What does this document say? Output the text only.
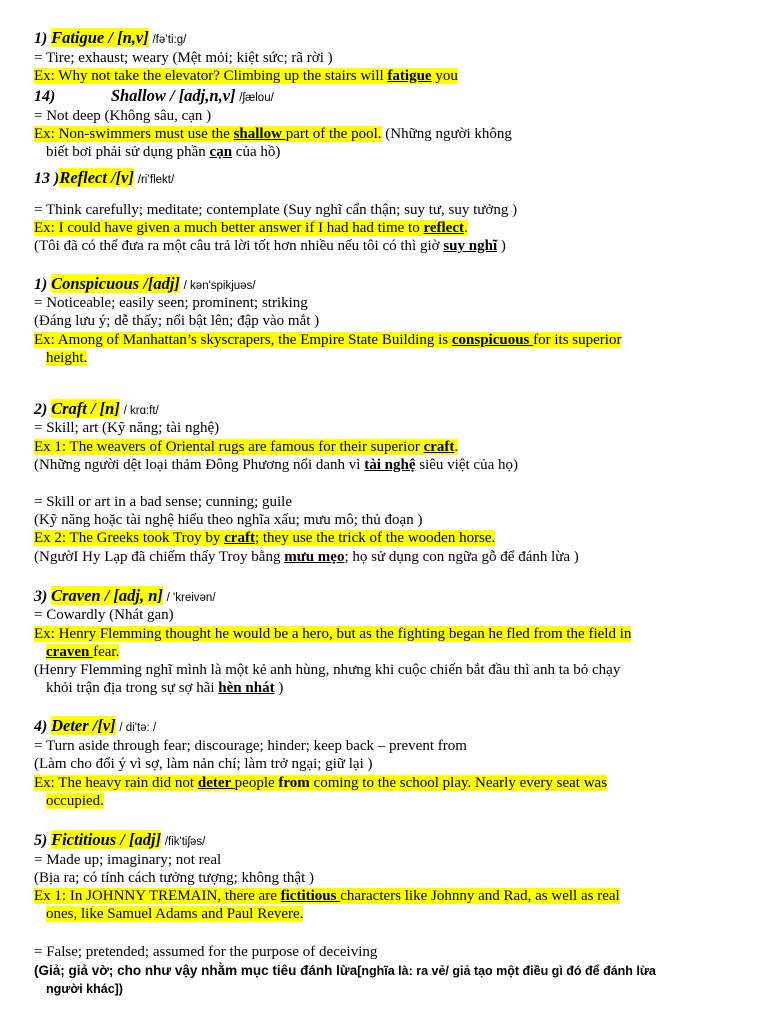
1) Fatigue / [n,v] /fə’ti:g/
= Tire; exhaust; weary (Mệt mỏi; kiệt sức; rã rời )
Ex: Why not take the elevator? Climbing up the stairs will fatigue you
14)	Shallow / [adj,n,v] /ʃælou/
= Not deep (Không sâu, cạn )
Ex: Non-swimmers must use the shallow part of the pool. (Những người không
biết bơi phải sử dụng phần cạn của hồ)
13 )Reflect /[v] /ri’flekt/
= Think carefully; meditate; contemplate (Suy nghĩ cẩn thận; suy tư, suy tưởng )
Ex: I could have given a much better answer if I had had time to reflect.
(Tôi đã có thể đưa ra một câu trả lời tốt hơn nhiều nếu tôi có thì giờ suy nghĩ )
1) Conspicuous /[adj] / kən'spikjuəs/
= Noticeable; easily seen; prominent; striking
(Đáng lưu ý; dễ thấy; nổi bật lên; đập vào mắt )
Ex: Among of Manhattan’s skyscrapers, the Empire State Building is conspicuous for its superior
height.
2) Craft / [n] / krɑ:ft/
= Skill; art (Kỹ năng; tài nghệ)
Ex 1: The weavers of Oriental rugs are famous for their superior craft.
(Những người dệt loại thảm Đông Phương nổi danh vì tài nghệ siêu việt của họ)
= Skill or art in a bad sense; cunning; guile
(Kỹ năng hoặc tài nghệ hiểu theo nghĩa xấu; mưu mô; thủ đoạn )
Ex 2: The Greeks took Troy by craft; they use the trick of the wooden horse.
(NgườI Hy Lạp đã chiếm thấy Troy bằng mưu mẹo; họ sử dụng con ngữa gỗ để đánh lừa )
3) Craven / [adj, n] / 'kreivən/
= Cowardly (Nhát gan)
Ex: Henry Flemming thought he would be a hero, but as the fighting began he fled from the field in
craven fear.
(Henry Flemming nghĩ mình là một kẻ anh hùng, nhưng khi cuộc chiến bắt đầu thì anh ta bỏ chạy
khỏi trận địa trong sự sợ hãi hèn nhát )
4) Deter /[v] / di'tə: /
= Turn aside through fear; discourage; hinder; keep back – prevent from
(Làm cho đổi ý vì sợ, làm nản chí; làm trở ngại; giữ lại )
Ex: The heavy rain did not deter people from coming to the school play. Nearly every seat was
occupied.
5) Fictitious / [adj] /fik'tiʃəs/
= Made up; imaginary; not real
(Bịa ra; có tính cách tưởng tượng; không thật )
Ex 1: In JOHNNY TREMAIN, there are fictitious characters like Johnny and Rad, as well as real
ones, like Samuel Adams and Paul Revere.
= False; pretended; assumed for the purpose of deceiving
(Giả; giả vờ; cho như vậy nhằm mục tiêu đánh lừa[nghĩa là: ra vẻ/ giả tạo một điều gì đó để đánh lừa
người khác])
